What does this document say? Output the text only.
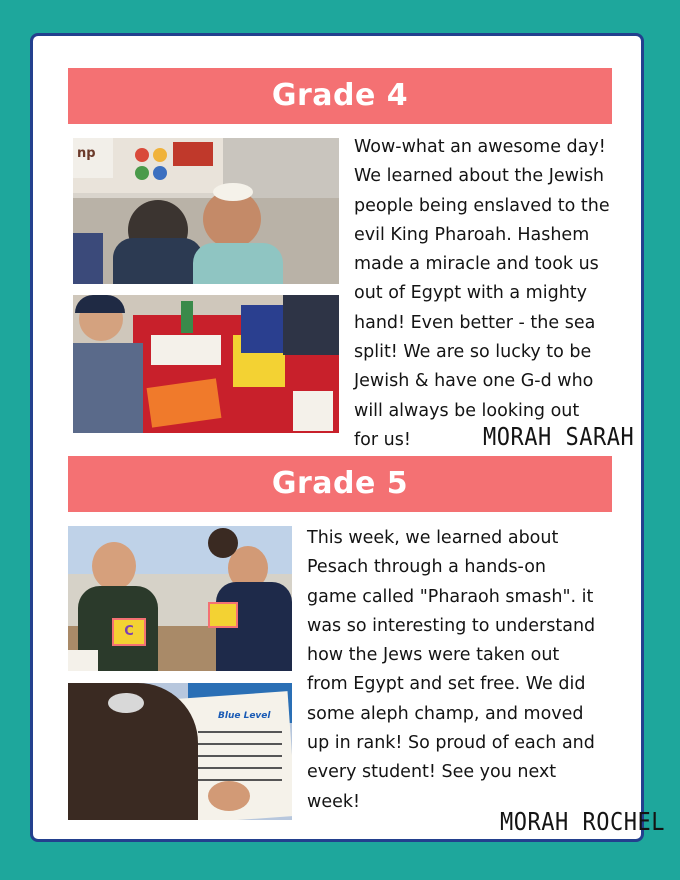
Grade 4
np	Wow-what an awesome day!
We learned about the Jewish
people being enslaved to the
evil King Pharoah. Hashem
made a miracle and took us
out of Egypt with a mighty
hand! Even better - the sea
split! We are so lucky to be
Jewish & have one G-d who
will always be looking out
for us!	MORAH SARAH
Grade 5
C
Blue Level
This week, we learned about
Pesach through a hands-on
game called "Pharaoh smash". it
was so interesting to understand
how the Jews were taken out
from Egypt and set free. We did
some aleph champ, and moved
up in rank! So proud of each and
every student! See you next
week!
MORAH ROCHEL
